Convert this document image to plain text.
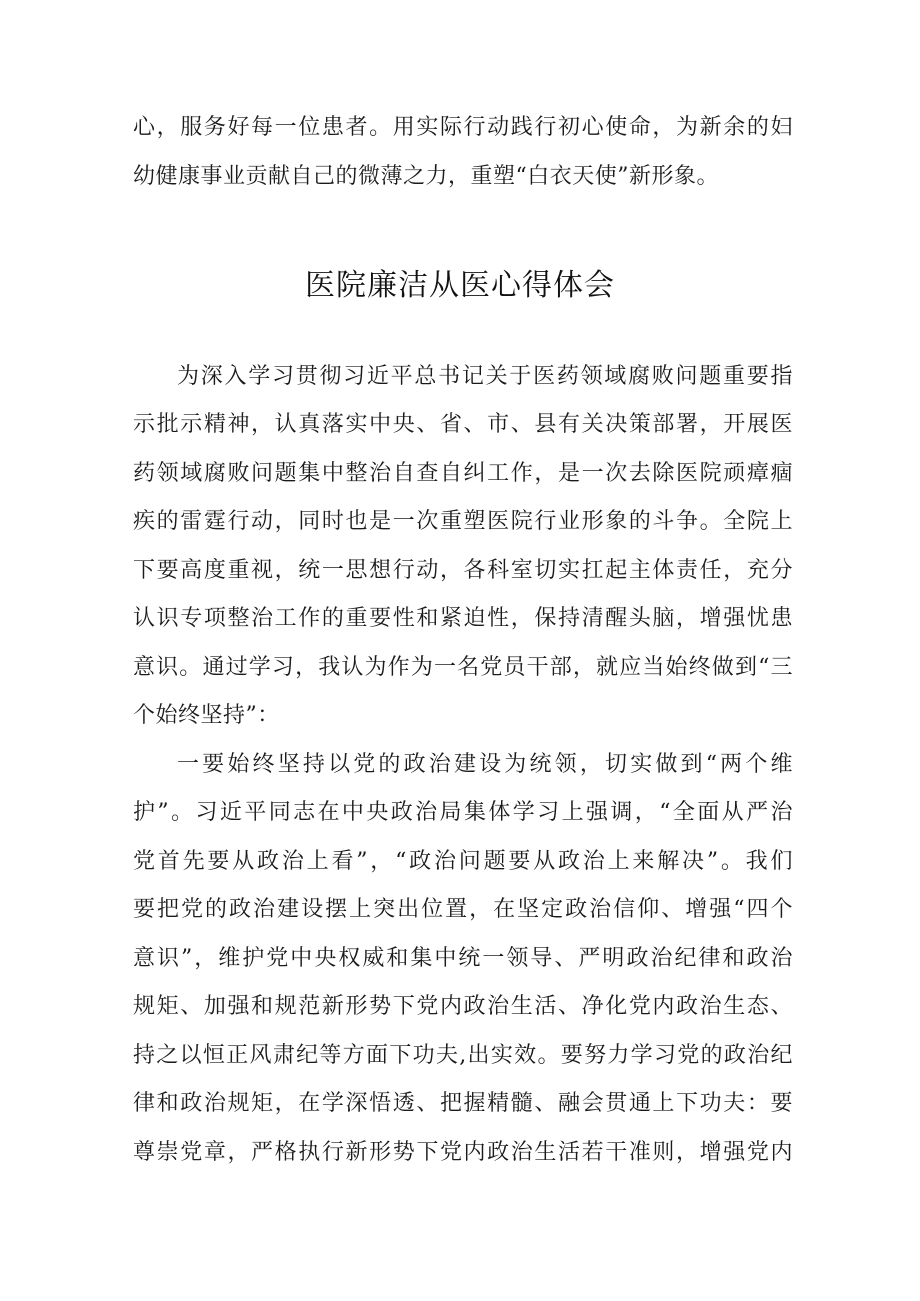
心，服务好每一位患者。用实际行动践行初心使命，为新余的妇

幼健康事业贡献自己的微薄之力，重塑“白衣天使”新形象。

医院廉洁从医心得体会

为深入学习贯彻习近平总书记关于医药领域腐败问题重要指

示批示精神，认真落实中央、省、市、县有关决策部署，开展医

药领域腐败问题集中整治自查自纠工作，是一次去除医院顽瘴痼

疾的雷霆行动，同时也是一次重塑医院行业形象的斗争。全院上

下要高度重视，统一思想行动，各科室切实扛起主体责任，充分

认识专项整治工作的重要性和紧迫性，保持清醒头脑，增强忧患

意识。通过学习，我认为作为一名党员干部，就应当始终做到“三

个始终坚持”：

一要始终坚持以党的政治建设为统领，切实做到“两个维

护”。习近平同志在中央政治局集体学习上强调，“全面从严治

党首先要从政治上看”，“政治问题要从政治上来解决”。我们

要把党的政治建设摆上突出位置，在坚定政治信仰、增强“四个

意识”，维护党中央权威和集中统一领导、严明政治纪律和政治

规矩、加强和规范新形势下党内政治生活、净化党内政治生态、

持之以恒正风肃纪等方面下功夫,出实效。要努力学习党的政治纪

律和政治规矩，在学深悟透、把握精髓、融会贯通上下功夫：要

尊崇党章，严格执行新形势下党内政治生活若干准则，增强党内
